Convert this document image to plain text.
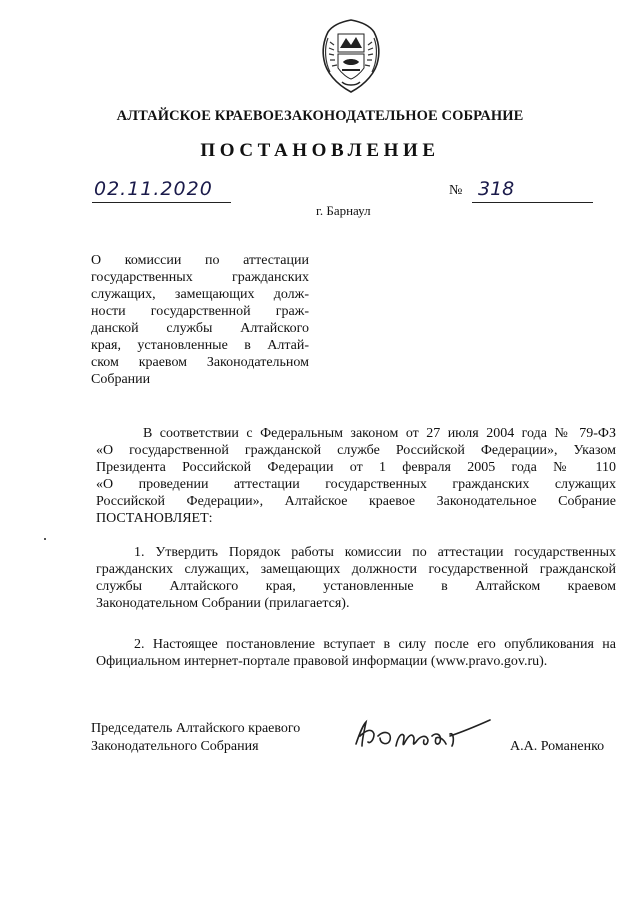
АЛТАЙСКОЕ КРАЕВОЕЗАКОНОДАТЕЛЬНОЕ СОБРАНИЕ
ПОСТАНОВЛЕНИЕ
02.11.2020	№ 318
г. Барнаул

О комиссии по аттестации
государственных гражданских
служащих, замещающих долж-
ности государственной граж-
данской службы Алтайского
края, установленные в Алтай-
ском краевом Законодательном
Собрании

В соответствии с Федеральным законом от 27 июля 2004 года № 79-ФЗ
«О государственной гражданской службе Российской Федерации», Указом
Президента Российской Федерации от 1 февраля 2005 года № 110
«О проведении аттестации государственных гражданских служащих
Российской Федерации», Алтайское краевое Законодательное Собрание
ПОСТАНОВЛЯЕТ:

1. Утвердить Порядок работы комиссии по аттестации государственных
гражданских служащих, замещающих должности государственной гражданской
службы Алтайского края, установленные в Алтайском краевом
Законодательном Собрании (прилагается).

2. Настоящее постановление вступает в силу после его опубликования на
Официальном интернет-портале правовой информации (www.pravo.gov.ru).

Председатель Алтайского краевого
Законодательного Собрания	А.А. Романенко
